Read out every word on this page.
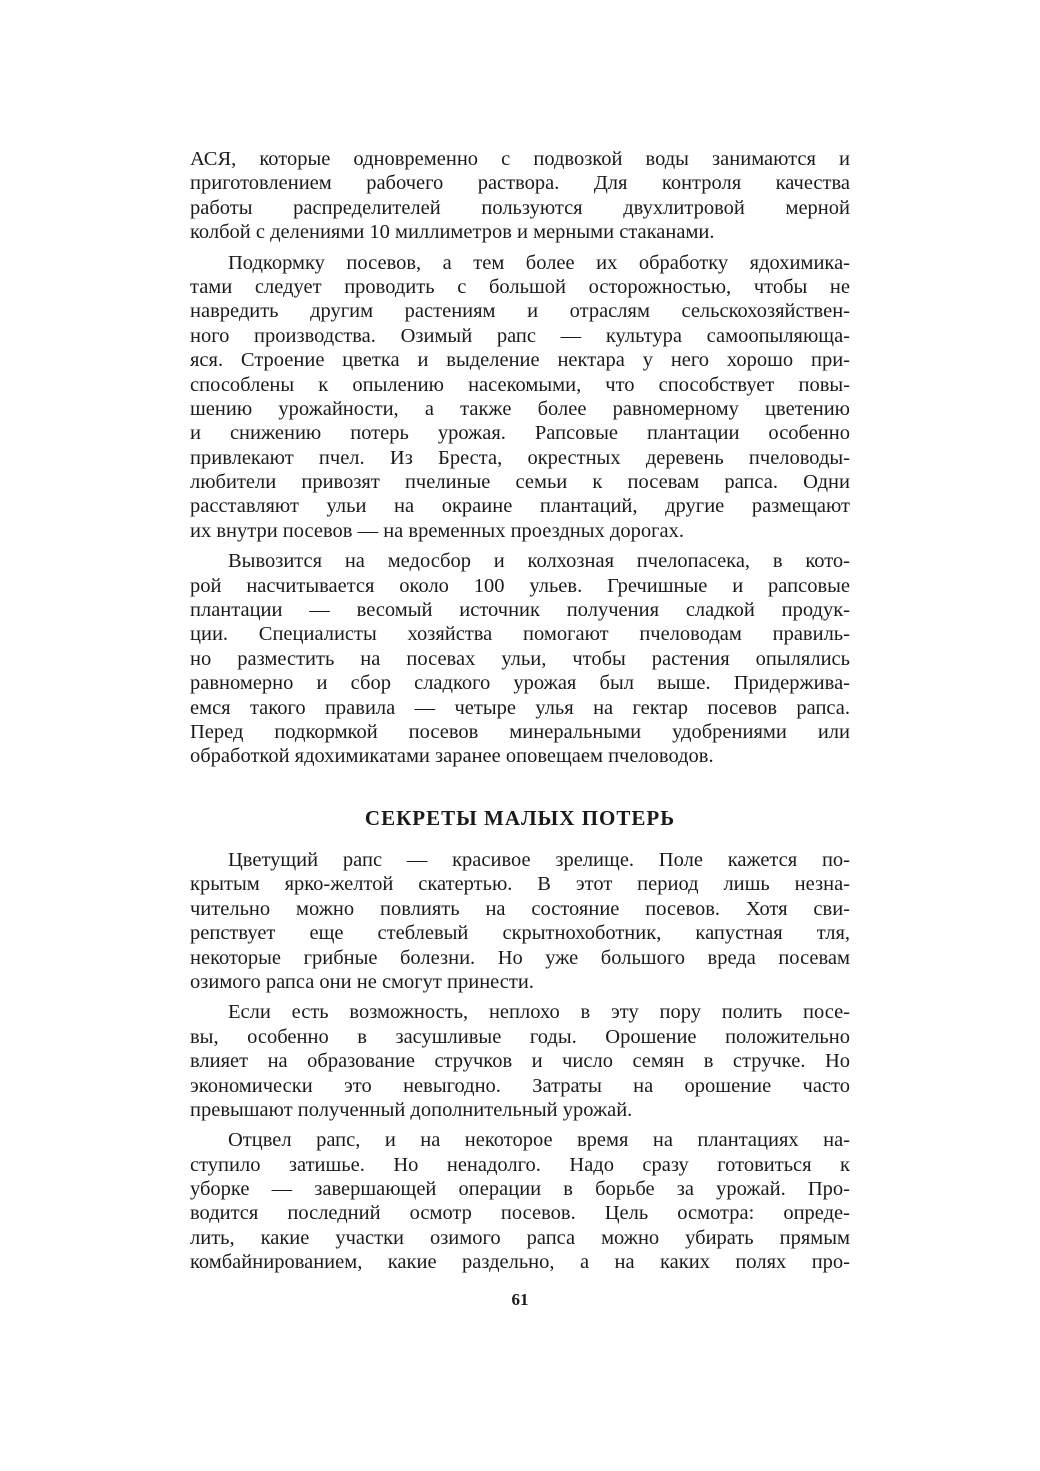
АСЯ, которые одновременно с подвозкой воды занимаются и
приготовлением рабочего раствора. Для контроля качества
работы распределителей пользуются двухлитровой мерной
колбой с делениями 10 миллиметров и мерными стаканами.
Подкормку посевов, а тем более их обработку ядохимика-
тами следует проводить с большой осторожностью, чтобы не
навредить другим растениям и отраслям сельскохозяйствен-
ного производства. Озимый рапс — культура самоопыляюща-
яся. Строение цветка и выделение нектара у него хорошо при-
способлены к опылению насекомыми, что способствует повы-
шению урожайности, а также более равномерному цветению
и снижению потерь урожая. Рапсовые плантации особенно
привлекают пчел. Из Бреста, окрестных деревень пчеловоды-
любители привозят пчелиные семьи к посевам рапса. Одни
расставляют ульи на окраине плантаций, другие размещают
их внутри посевов — на временных проездных дорогах.
Вывозится на медосбор и колхозная пчелопасека, в кото-
рой насчитывается около 100 ульев. Гречишные и рапсовые
плантации — весомый источник получения сладкой продук-
ции. Специалисты хозяйства помогают пчеловодам правиль-
но разместить на посевах ульи, чтобы растения опылялись
равномерно и сбор сладкого урожая был выше. Придержива-
емся такого правила — четыре улья на гектар посевов рапса.
Перед подкормкой посевов минеральными удобрениями или
обработкой ядохимикатами заранее оповещаем пчеловодов.
СЕКРЕТЫ МАЛЫХ ПОТЕРЬ
Цветущий рапс — красивое зрелище. Поле кажется по-
крытым ярко-желтой скатертью. В этот период лишь незна-
чительно можно повлиять на состояние посевов. Хотя сви-
репствует еще стеблевый скрытнохоботник, капустная тля,
некоторые грибные болезни. Но уже большого вреда посевам
озимого рапса они не смогут принести.
Если есть возможность, неплохо в эту пору полить посе-
вы, особенно в засушливые годы. Орошение положительно
влияет на образование стручков и число семян в стручке. Но
экономически это невыгодно. Затраты на орошение часто
превышают полученный дополнительный урожай.
Отцвел рапс, и на некоторое время на плантациях на-
ступило затишье. Но ненадолго. Надо сразу готовиться к
уборке — завершающей операции в борьбе за урожай. Про-
водится последний осмотр посевов. Цель осмотра: опреде-
лить, какие участки озимого рапса можно убирать прямым
комбайнированием, какие раздельно, а на каких полях про-
61
